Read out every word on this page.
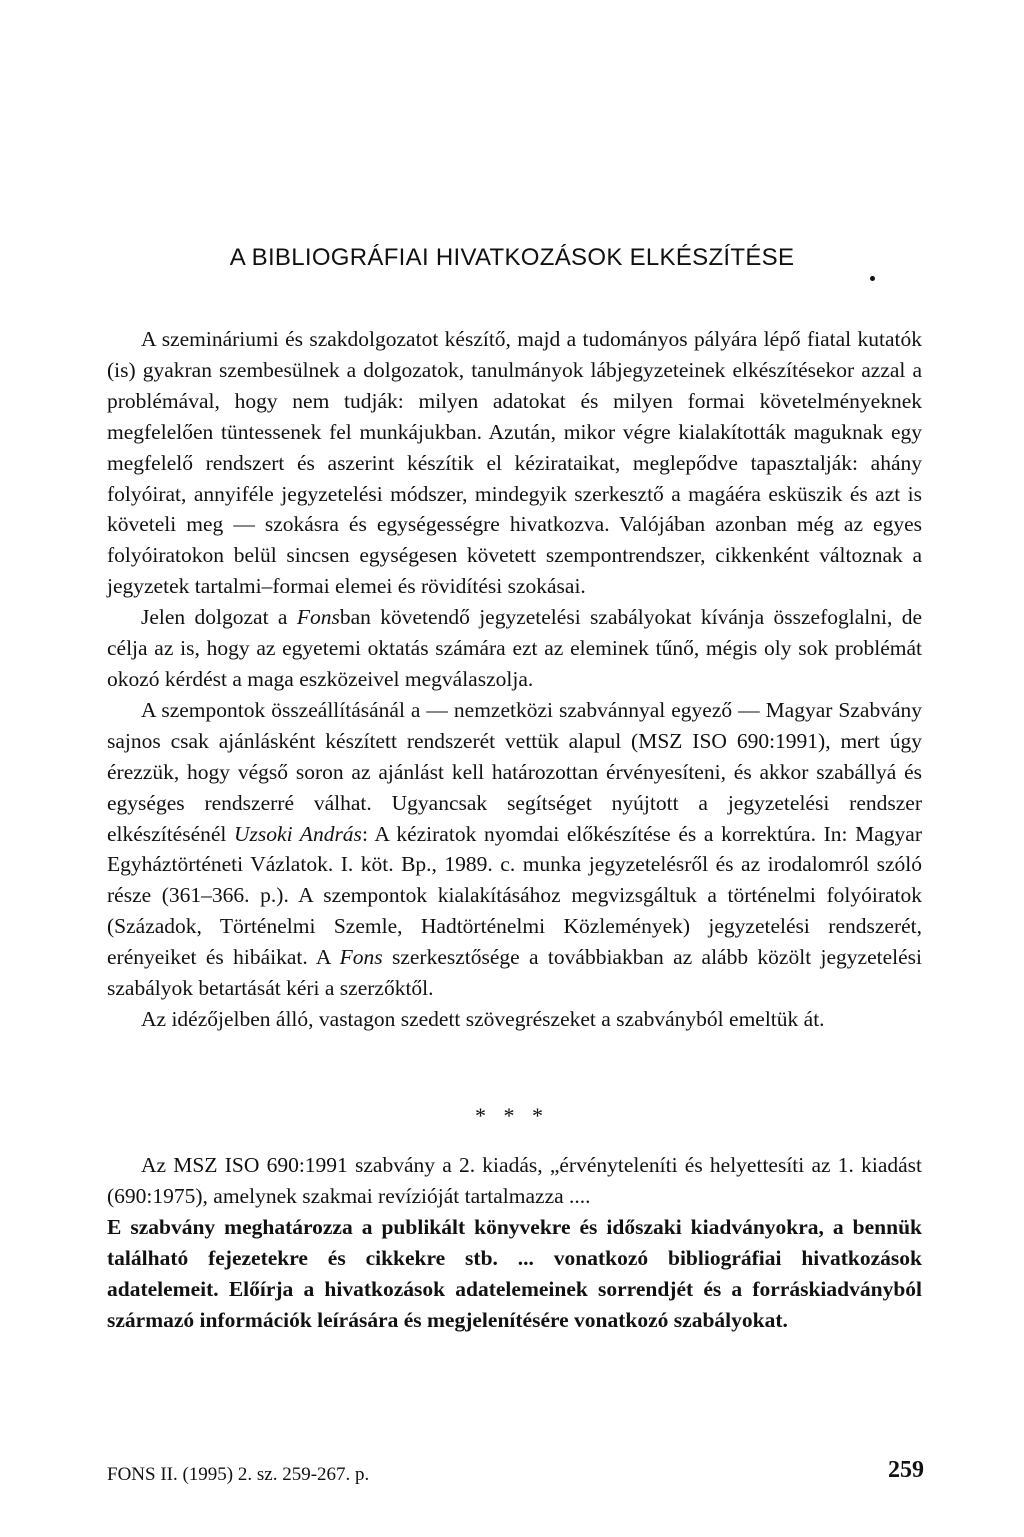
A BIBLIOGRÁFIAI HIVATKOZÁSOK ELKÉSZÍTÉSE

A szemináriumi és szakdolgozatot készítő, majd a tudományos pályára lépő fiatal kutatók (is) gyakran szembesülnek a dolgozatok, tanulmányok lábjegyzeteinek elkészítésekor azzal a problémával, hogy nem tudják: milyen adatokat és milyen formai követelményeknek megfelelően tüntessenek fel munkájukban. Azután, mikor végre kialakították maguknak egy megfelelő rendszert és aszerint készítik el kézirataikat, meglepődve tapasztalják: ahány folyóirat, annyiféle jegyzetelési módszer, mindegyik szerkesztő a magáéra esküszik és azt is követeli meg — szokásra és egységességre hivatkozva. Valójában azonban még az egyes folyóiratokon belül sincsen egységesen követett szempontrendszer, cikkenként változnak a jegyzetek tartalmi–formai elemei és rövidítési szokásai.

Jelen dolgozat a Fonsban követendő jegyzetelési szabályokat kívánja összefoglalni, de célja az is, hogy az egyetemi oktatás számára ezt az eleminek tűnő, mégis oly sok problémát okozó kérdést a maga eszközeivel megválaszolja.

A szempontok összeállításánál a — nemzetközi szabvánnyal egyező — Magyar Szabvány sajnos csak ajánlásként készített rendszerét vettük alapul (MSZ ISO 690:1991), mert úgy érezzük, hogy végső soron az ajánlást kell határozottan érvényesíteni, és akkor szabállyá és egységes rendszerré válhat. Ugyancsak segítséget nyújtott a jegyzetelési rendszer elkészítésénél Uzsoki András: A kéziratok nyomdai előkészítése és a korrektúra. In: Magyar Egyháztörténeti Vázlatok. I. köt. Bp., 1989. c. munka jegyzetelésről és az irodalomról szóló része (361–366. p.). A szempontok kialakításához megvizsgáltuk a történelmi folyóiratok (Századok, Történelmi Szemle, Hadtörténelmi Közlemények) jegyzetelési rendszerét, erényeiket és hibáikat. A Fons szerkesztősége a továbbiakban az alább közölt jegyzetelési szabályok betartását kéri a szerzőktől.

Az idézőjelben álló, vastagon szedett szövegrészeket a szabványból emeltük át.

* * *

Az MSZ ISO 690:1991 szabvány a 2. kiadás, „érvényteleníti és helyettesíti az 1. kiadást (690:1975), amelynek szakmai revízióját tartalmazza ....

E szabvány meghatározza a publikált könyvekre és időszaki kiadványokra, a bennük található fejezetekre és cikkekre stb. ... vonatkozó bibliográfiai hivatkozások adatelemeit. Előírja a hivatkozások adatelemeinek sorrendjét és a forráskiadványból származó információk leírására és megjelenítésére vonatkozó szabályokat.

FONS II. (1995) 2. sz. 259-267. p.	259
